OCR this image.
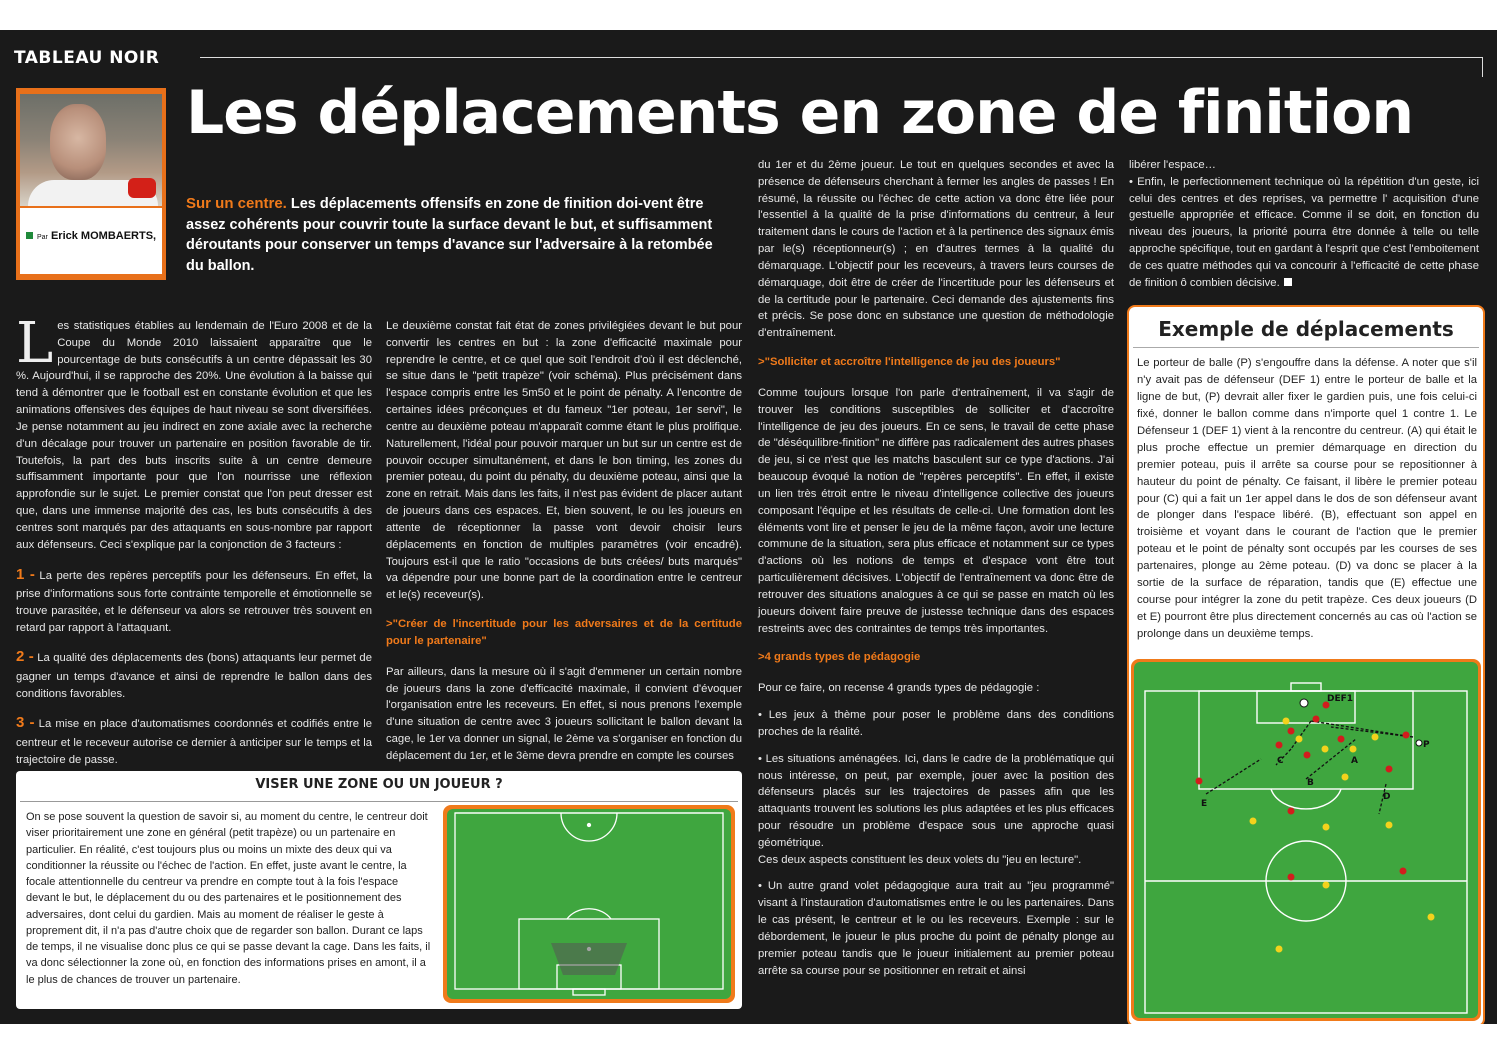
TABLEAU NOIR
Par Erick MOMBAERTS,
Les déplacements en zone de finition
Sur un centre. Les déplacements offensifs en zone de finition doi-vent être assez cohérents pour couvrir toute la surface devant le but, et suffisamment déroutants pour conserver un temps d'avance sur l'adversaire à la retombée du ballon.

Les statistiques établies au lendemain de l'Euro 2008 et de la Coupe du Monde 2010 laissaient apparaître que le pourcentage de buts consécutifs à un centre dépassait les 30 %. Aujourd'hui, il se rapproche des 20%. Une évolution à la baisse qui tend à démontrer que le football est en constante évolution et que les animations offensives des équipes de haut niveau se sont diversifiées. Je pense notamment au jeu indirect en zone axiale avec la recherche d'un décalage pour trouver un partenaire en position favorable de tir. Toutefois, la part des buts inscrits suite à un centre demeure suffisamment importante pour que l'on nourrisse une réflexion approfondie sur le sujet. Le premier constat que l'on peut dresser est que, dans une immense majorité des cas, les buts consécutifs à des centres sont marqués par des attaquants en sous-nombre par rapport aux défenseurs. Ceci s'explique par la conjonction de 3 facteurs :

1 - La perte des repères perceptifs pour les défenseurs. En effet, la prise d'informations sous forte contrainte temporelle et émotionnelle se trouve parasitée, et le défenseur va alors se retrouver très souvent en retard par rapport à l'attaquant.

2 - La qualité des déplacements des (bons) attaquants leur permet de gagner un temps d'avance et ainsi de reprendre le ballon dans des conditions favorables.

3 - La mise en place d'automatismes coordonnés et codifiés entre le centreur et le receveur autorise ce dernier à anticiper sur le temps et la trajectoire de passe.

Le deuxième constat fait état de zones privilégiées devant le but pour convertir les centres en but : la zone d'efficacité maximale pour reprendre le centre, et ce quel que soit l'endroit d'où il est déclenché, se situe dans le "petit trapèze" (voir schéma). Plus précisément dans l'espace compris entre les 5m50 et le point de pénalty. A l'encontre de certaines idées préconçues et du fameux "1er poteau, 1er servi", le centre au deuxième poteau m'apparaît comme étant le plus prolifique. Naturellement, l'idéal pour pouvoir marquer un but sur un centre est de pouvoir occuper simultanément, et dans le bon timing, les zones du premier poteau, du point du pénalty, du deuxième poteau, ainsi que la zone en retrait. Mais dans les faits, il n'est pas évident de placer autant de joueurs dans ces espaces. Et, bien souvent, le ou les joueurs en attente de réceptionner la passe vont devoir choisir leurs déplacements en fonction de multiples paramètres (voir encadré). Toujours est-il que le ratio "occasions de buts créées/ buts marqués" va dépendre pour une bonne part de la coordination entre le centreur et le(s) receveur(s).

>"Créer de l'incertitude pour les adversaires et de la certitude pour le partenaire"

Par ailleurs, dans la mesure où il s'agit d'emmener un certain nombre de joueurs dans la zone d'efficacité maximale, il convient d'évoquer l'organisation entre les receveurs. En effet, si nous prenons l'exemple d'une situation de centre avec 3 joueurs sollicitant le ballon devant la cage, le 1er va donner un signal, le 2ème va s'organiser en fonction du déplacement du 1er, et le 3ème devra prendre en compte les courses

du 1er et du 2ème joueur. Le tout en quelques secondes et avec la présence de défenseurs cherchant à fermer les angles de passes ! En résumé, la réussite ou l'échec de cette action va donc être liée pour l'essentiel à la qualité de la prise d'informations du centreur, à leur traitement dans le cours de l'action et à la pertinence des signaux émis par le(s) réceptionneur(s) ; en d'autres termes à la qualité du démarquage. L'objectif pour les receveurs, à travers leurs courses de démarquage, doit être de créer de l'incertitude pour les défenseurs et de la certitude pour le partenaire. Ceci demande des ajustements fins et précis. Se pose donc en substance une question de méthodologie d'entraînement.

>"Solliciter et accroître l'intelligence de jeu des joueurs"

Comme toujours lorsque l'on parle d'entraînement, il va s'agir de trouver les conditions susceptibles de solliciter et d'accroître l'intelligence de jeu des joueurs. En ce sens, le travail de cette phase de "déséquilibre-finition" ne diffère pas radicalement des autres phases de jeu, si ce n'est que les matchs basculent sur ce type d'actions. J'ai beaucoup évoqué la notion de "repères perceptifs". En effet, il existe un lien très étroit entre le niveau d'intelligence collective des joueurs composant l'équipe et les résultats de celle-ci. Une formation dont les éléments vont lire et penser le jeu de la même façon, avoir une lecture commune de la situation, sera plus efficace et notamment sur ce types d'actions où les notions de temps et d'espace vont être tout particulièrement décisives. L'objectif de l'entraînement va donc être de retrouver des situations analogues à ce qui se passe en match où les joueurs doivent faire preuve de justesse technique dans des espaces restreints avec des contraintes de temps très importantes.

>4 grands types de pédagogie

Pour ce faire, on recense 4 grands types de pédagogie :

• Les jeux à thème pour poser le problème dans des conditions proches de la réalité.

• Les situations aménagées. Ici, dans le cadre de la problématique qui nous intéresse, on peut, par exemple, jouer avec la position des défenseurs placés sur les trajectoires de passes afin que les attaquants trouvent les solutions les plus adaptées et les plus efficaces pour résoudre un problème d'espace sous une approche quasi géométrique.

Ces deux aspects constituent les deux volets du "jeu en lecture".

• Un autre grand volet pédagogique aura trait au "jeu programmé" visant à l'instauration d'automatismes entre le ou les partenaires. Dans le cas présent, le centreur et le ou les receveurs. Exemple : sur le débordement, le joueur le plus proche du point de pénalty plonge au premier poteau tandis que le joueur initialement au premier poteau arrête sa course pour se positionner en retrait et ainsi

libérer l'espace…
• Enfin, le perfectionnement technique où la répétition d'un geste, ici celui des centres et des reprises, va permettre l' acquisition d'une gestuelle appropriée et efficace. Comme il se doit, en fonction du niveau des joueurs, la priorité pourra être donnée à telle ou telle approche spécifique, tout en gardant à l'esprit que c'est l'emboitement de ces quatre méthodes qui va concourir à l'efficacité de cette phase de finition ô combien décisive.
VISER UNE ZONE OU UN JOUEUR ?
On se pose souvent la question de savoir si, au moment du centre, le centreur doit viser prioritairement une zone en général (petit trapèze) ou un partenaire en particulier. En réalité, c'est toujours plus ou moins un mixte des deux qui va conditionner la réussite ou l'échec de l'action. En effet, juste avant le centre, la focale attentionnelle du centreur va prendre en compte tout à la fois l'espace devant le but, le déplacement du ou des partenaires et le positionnement des adversaires, dont celui du gardien. Mais au moment de réaliser le geste à proprement dit, il n'a pas d'autre choix que de regarder son ballon. Durant ce laps de temps, il ne visualise donc plus ce qui se passe devant la cage. Dans les faits, il va donc sélectionner la zone où, en fonction des informations prises en amont, il a le plus de chances de trouver un partenaire.
Exemple de déplacements
Le porteur de balle (P) s'engouffre dans la défense. A noter que s'il n'y avait pas de défenseur (DEF 1) entre le porteur de balle et la ligne de but, (P) devrait aller fixer le gardien puis, une fois celui-ci fixé, donner le ballon comme dans n'importe quel 1 contre 1. Le Défenseur 1 (DEF 1) vient à la rencontre du centreur. (A) qui était le plus proche effectue un premier démarquage en direction du premier poteau, puis il arrête sa course pour se repositionner à hauteur du point de pénalty. Ce faisant, il libère le premier poteau pour (C) qui a fait un 1er appel dans le dos de son défenseur avant de plonger dans l'espace libéré. (B), effectuant son appel en troisième et voyant dans le courant de l'action que le premier poteau et le point de pénalty sont occupés par les courses de ses partenaires, plonge au 2ème poteau. (D) va donc se placer à la sortie de la surface de réparation, tandis que (E) effectue une course pour intégrer la zone du petit trapèze. Ces deux joueurs (D et E) pourront être plus directement concernés au cas où l'action se prolonge dans un deuxième temps.
DEF1
P
C
B
D
E
A
